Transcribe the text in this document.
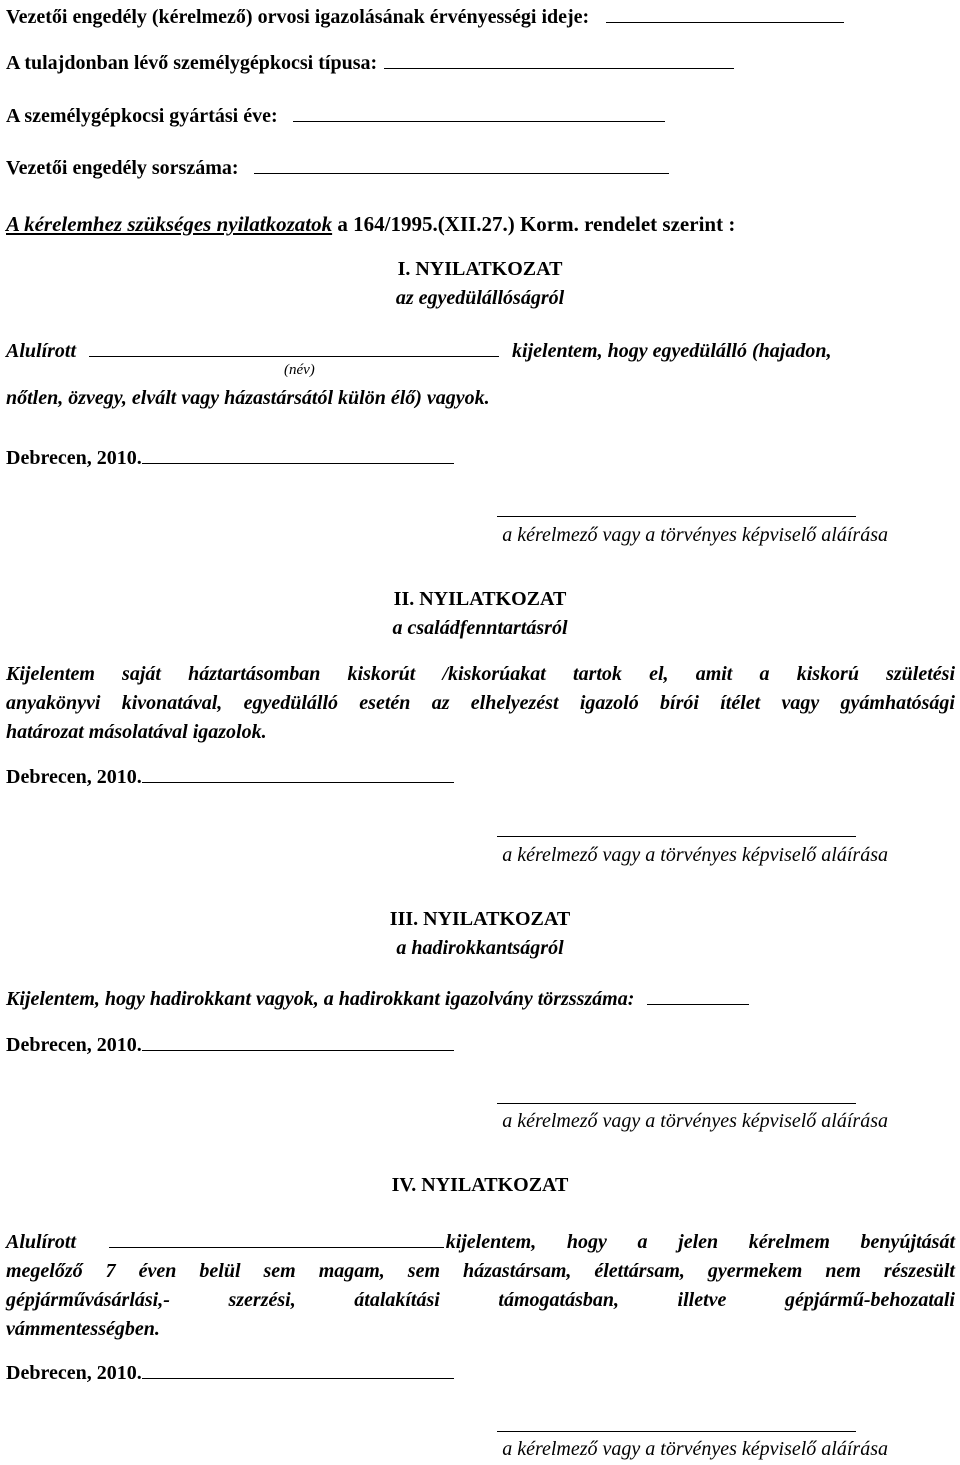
Vezetői engedély (kérelmező) orvosi igazolásának érvényességi ideje:
A tulajdonban lévő személygépkocsi típusa:
A személygépkocsi gyártási éve:
Vezetői engedély sorszáma:
A kérelemhez szükséges nyilatkozatok a 164/1995.(XII.27.) Korm. rendelet szerint :
I. NYILATKOZAT
az egyedülállóságról
Alulírott	kijelentem, hogy egyedülálló (hajadon,
(név)
nőtlen, özvegy, elvált vagy házastársától külön élő) vagyok.
Debrecen, 2010.
a kérelmező vagy a törvényes képviselő aláírása
II. NYILATKOZAT
a családfenntartásról
Kijelentem saját háztartásomban kiskorút /kiskorúakat tartok el, amit a kiskorú születési
anyakönyvi kivonatával, egyedülálló esetén az elhelyezést igazoló bírói ítélet vagy gyámhatósági
határozat másolatával igazolok.
Debrecen, 2010.
a kérelmező vagy a törvényes képviselő aláírása
III. NYILATKOZAT
a hadirokkantságról
Kijelentem, hogy hadirokkant vagyok, a hadirokkant igazolvány törzsszáma:
Debrecen, 2010.
a kérelmező vagy a törvényes képviselő aláírása
IV. NYILATKOZAT
Alulírott	kijelentem, hogy a jelen kérelmem benyújtását
megelőző 7 éven belül sem magam, sem házastársam, élettársam, gyermekem nem részesült
gépjárművásárlási,- szerzési, átalakítási támogatásban, illetve gépjármű-behozatali
vámmentességben.
Debrecen, 2010.
a kérelmező vagy a törvényes képviselő aláírása
